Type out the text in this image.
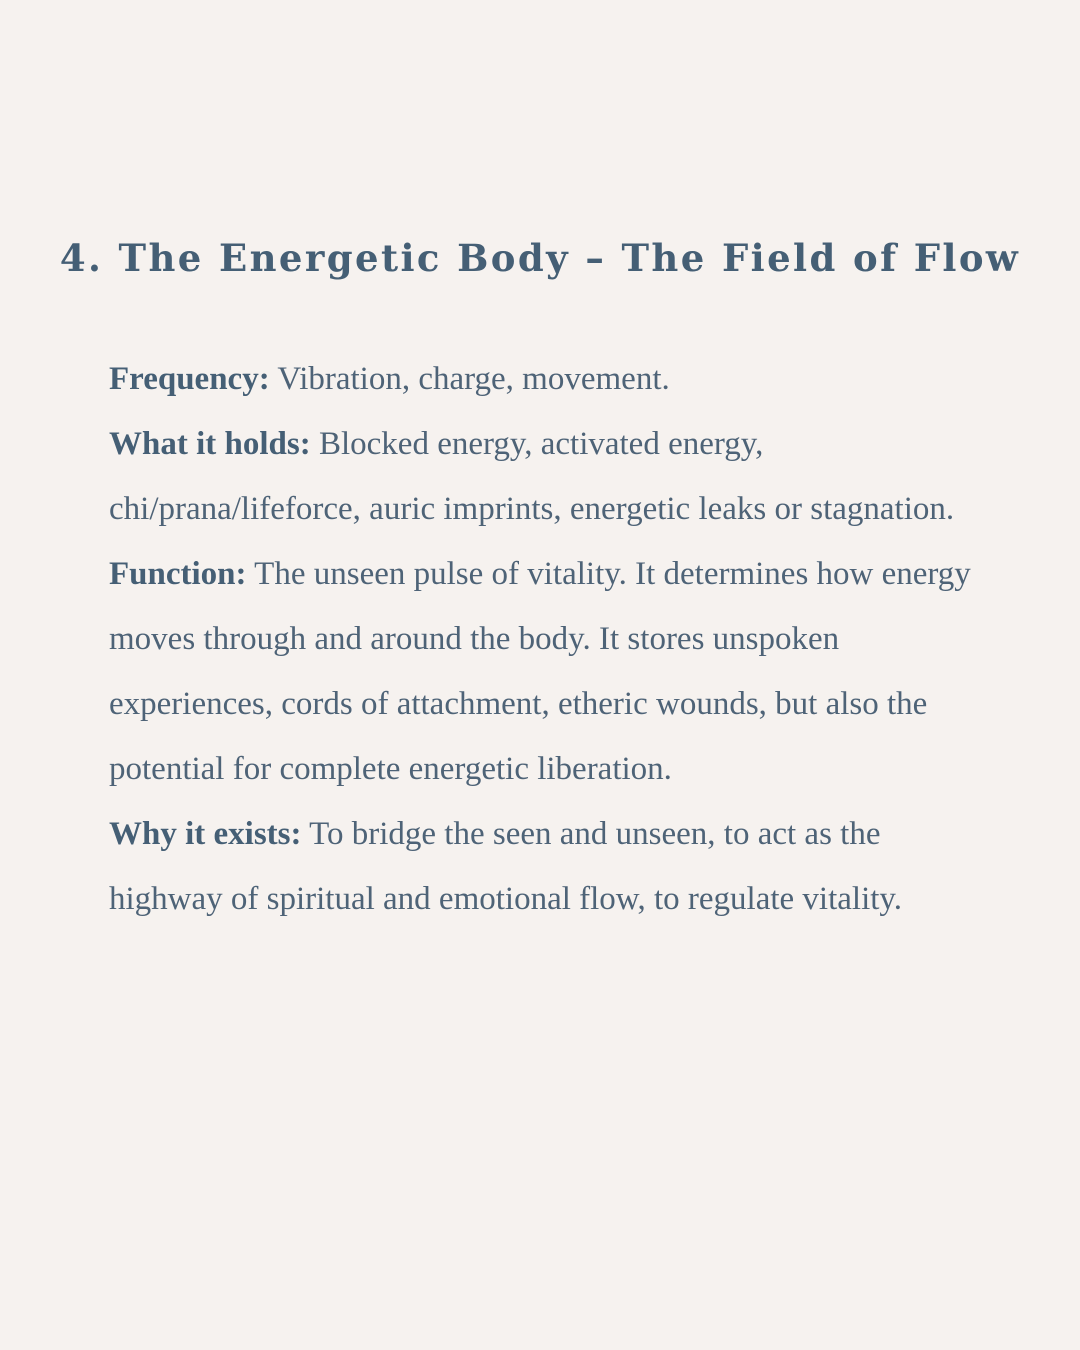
4. The Energetic Body – The Field of Flow

Frequency: Vibration, charge, movement.

What it holds: Blocked energy, activated energy, chi/prana/lifeforce, auric imprints, energetic leaks or stagnation.

Function: The unseen pulse of vitality. It determines how energy moves through and around the body. It stores unspoken experiences, cords of attachment, etheric wounds, but also the potential for complete energetic liberation.

Why it exists: To bridge the seen and unseen, to act as the highway of spiritual and emotional flow, to regulate vitality.
